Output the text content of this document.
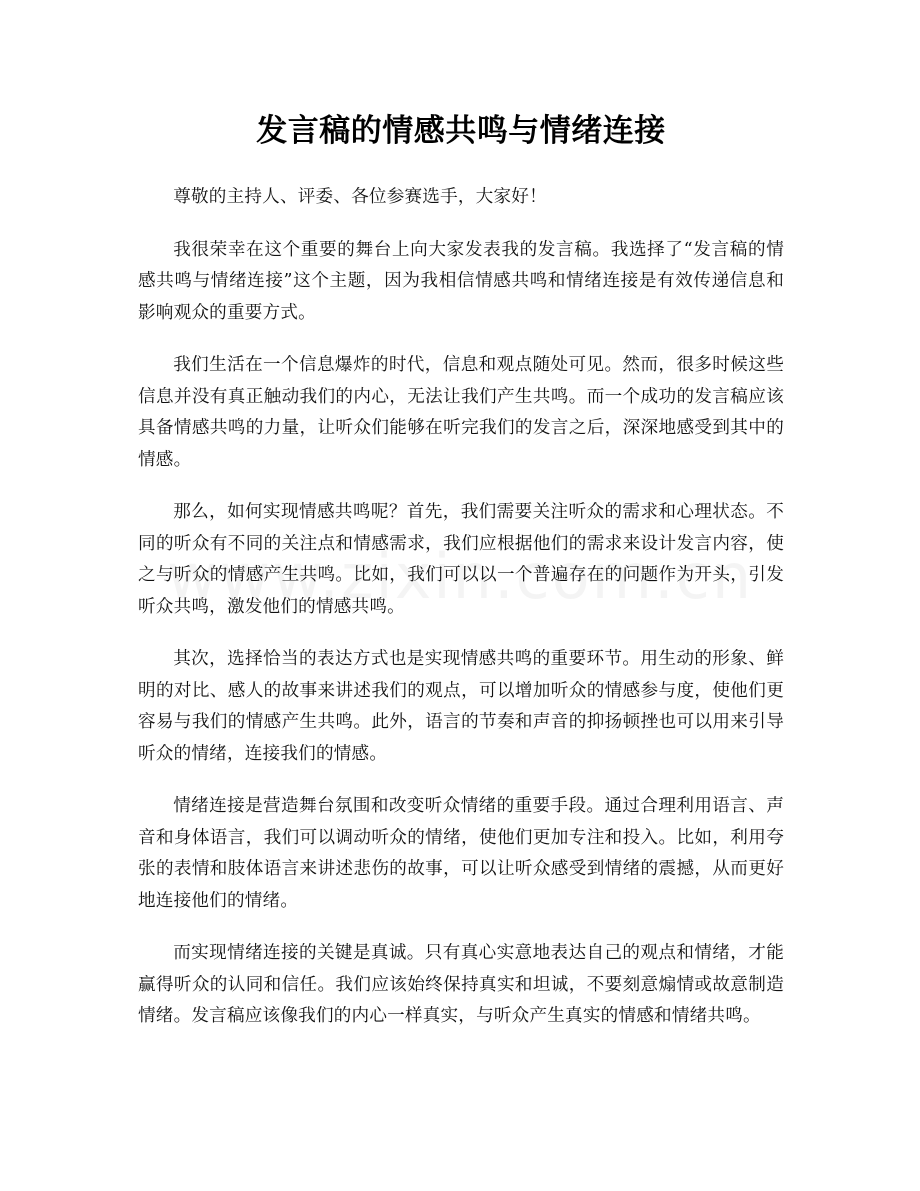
发言稿的情感共鸣与情绪连接

尊敬的主持人、评委、各位参赛选手，大家好！

我很荣幸在这个重要的舞台上向大家发表我的发言稿。我选择了“发言稿的情感共鸣与情绪连接”这个主题，因为我相信情感共鸣和情绪连接是有效传递信息和影响观众的重要方式。

我们生活在一个信息爆炸的时代，信息和观点随处可见。然而，很多时候这些信息并没有真正触动我们的内心，无法让我们产生共鸣。而一个成功的发言稿应该具备情感共鸣的力量，让听众们能够在听完我们的发言之后，深深地感受到其中的情感。

那么，如何实现情感共鸣呢？首先，我们需要关注听众的需求和心理状态。不同的听众有不同的关注点和情感需求，我们应根据他们的需求来设计发言内容，使之与听众的情感产生共鸣。比如，我们可以以一个普遍存在的问题作为开头，引发听众共鸣，激发他们的情感共鸣。

其次，选择恰当的表达方式也是实现情感共鸣的重要环节。用生动的形象、鲜明的对比、感人的故事来讲述我们的观点，可以增加听众的情感参与度，使他们更容易与我们的情感产生共鸣。此外，语言的节奏和声音的抑扬顿挫也可以用来引导听众的情绪，连接我们的情感。

情绪连接是营造舞台氛围和改变听众情绪的重要手段。通过合理利用语言、声音和身体语言，我们可以调动听众的情绪，使他们更加专注和投入。比如，利用夸张的表情和肢体语言来讲述悲伤的故事，可以让听众感受到情绪的震撼，从而更好地连接他们的情绪。

而实现情绪连接的关键是真诚。只有真心实意地表达自己的观点和情绪，才能赢得听众的认同和信任。我们应该始终保持真实和坦诚，不要刻意煽情或故意制造情绪。发言稿应该像我们的内心一样真实，与听众产生真实的情感和情绪共鸣。
